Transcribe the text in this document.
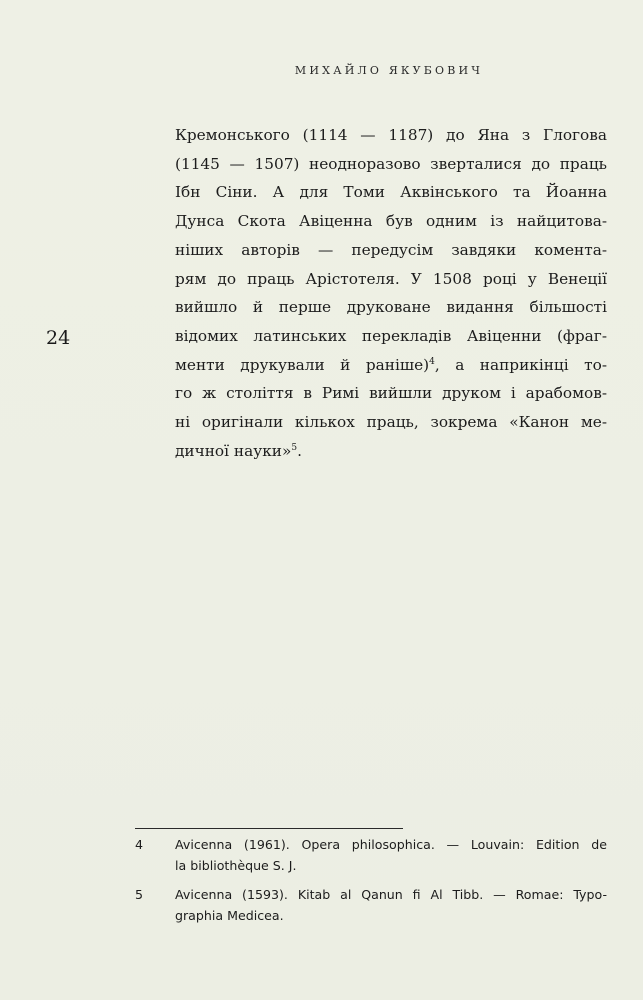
МИХАЙЛО ЯКУБОВИЧ
24
Кремонського (1114 — 1187) до Яна з Глогова
(1145 — 1507) неодноразово зверталися до праць
Ібн Сіни. А для Томи Аквінського та Йоанна
Дунса Скота Авіценна був одним із найцитова-
ніших авторів — передусім завдяки коментa-
рям до праць Арістотеля. У 1508 році у Венеції
вийшло й перше друковане видання більшості
відомих латинських перекладів Авіценни (фраг-
менти друкували й раніше)$^4$, а наприкінці то-
го ж століття в Римі вийшли друком і арабомов-
ні оригінали кількох праць, зокрема «Канон ме-
дичної науки»$^5$.
4	Avicenna (1961). Opera philosophica. — Louvain: Edition de
la bibliothèque S. J.
5	Avicenna (1593). Kitab al Qanun fi Al Tibb. — Romae: Typo-
graphia Medicea.
